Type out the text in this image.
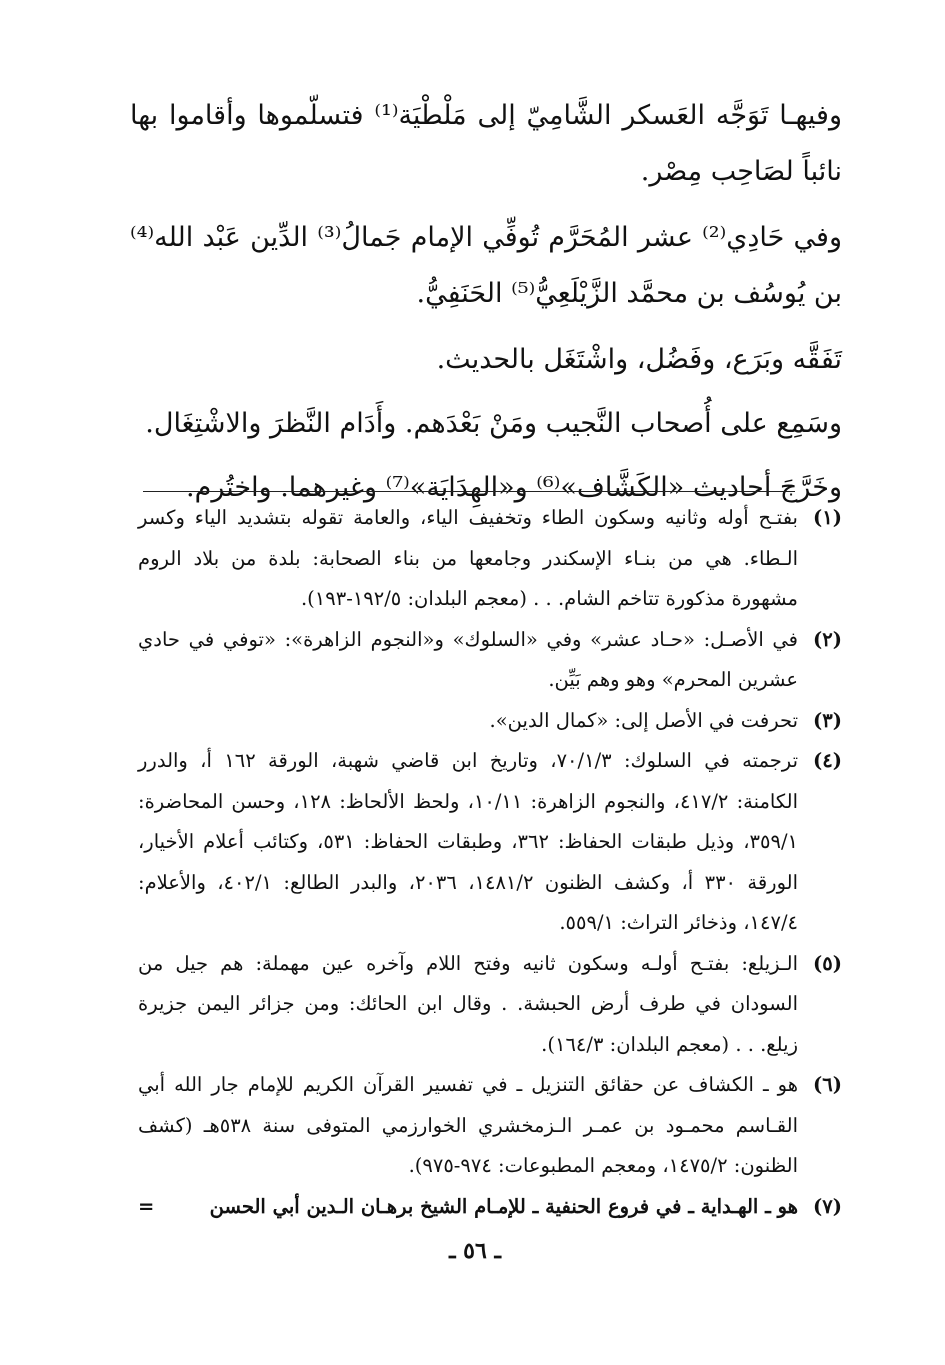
وفيهـا تَوَجَّه العَسكر الشَّامِيّ إلى مَلْطْيَة⁽¹⁾ فتسلّموها وأقاموا بها نائباً لصَاحِب مِصْر.

وفي حَادِي⁽²⁾ عشر المُحَرَّم تُوفِّي الإمام جَمالُ⁽³⁾ الدِّين عَبْد الله⁽⁴⁾ بن يُوسُف بن محمَّد الزَّيْلَعِيُّ⁽⁵⁾ الحَنَفِيُّ.

تَفَقَّه وبَرَع، وفَضُل، واشْتَغَل بالحديث.

وسَمِع على أُصحاب النَّجيب ومَنْ بَعْدَهم. وأَدَام النَّظرَ والاشْتِغَال.

وخَرَّجَ أحاديث «الكَشَّاف»⁽⁶⁾ و«الهِدَايَة»⁽⁷⁾ وغيرهما. واختُرم.

(١)
بفتـح أوله وثانيه وسكون الطاء وتخفيف الياء، والعامة تقوله بتشديد الياء وكسر الـطاء. هي من بنـاء الإسكندر وجامعها من بناء الصحابة: بلدة من بلاد الروم مشهورة مذكورة تتاخم الشام. . . (معجم البلدان: ١٩٢/٥-١٩٣).

(٢)
في الأصـل: «حـاد عشر» وفي «السلوك» و«النجوم الزاهرة»: «توفي في حادي عشرين المحرم» وهو وهم بَيِّن.

(٣)
تحرفت في الأصل إلى: «كمال الدين».

(٤)
ترجمته في السلوك: ٧٠/١/٣، وتاريخ ابن قاضي شهبة، الورقة ١٦٢ أ، والدرر الكامنة: ٤١٧/٢، والنجوم الزاهرة: ١٠/١١، ولحظ الألحاظ: ١٢٨، وحسن المحاضرة: ٣٥٩/١، وذيل طبقات الحفاظ: ٣٦٢، وطبقات الحفاظ: ٥٣١، وكتائب أعلام الأخيار، الورقة ٣٣٠ أ، وكشف الظنون ١٤٨١/٢، ٢٠٣٦، والبدر الطالع: ٤٠٢/١، والأعلام: ١٤٧/٤، وذخائر التراث: ٥٥٩/١.

(٥)
الـزيلع: بفتـح أولـه وسكون ثانيه وفتح اللام وآخره عين مهملة: هم جيل من السودان في طرف أرض الحبشة. . وقال ابن الحائك: ومن جزائر اليمن جزيرة زيلع. . . (معجم البلدان: ١٦٤/٣).

(٦)
هو ـ الكشاف عن حقائق التنزيل ـ في تفسير القرآن الكريم للإمام جار الله أبي القـاسم محمـود بن عمـر الـزمخشري الخوارزمي المتوفى سنة ٥٣٨هـ (كشف الظنون: ١٤٧٥/٢، ومعجم المطبوعات: ٩٧٤-٩٧٥).

(٧)
هو ـ الهـداية ـ في فروع الحنفية ـ للإمـام الشيخ برهـان الـدين أبي الحسن
=

ـ ٥٦ ـ
